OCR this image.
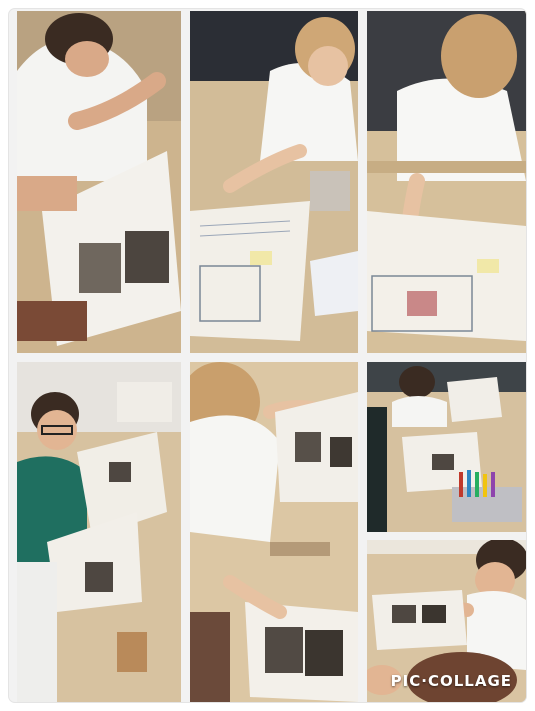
PIC·COLLAGE
